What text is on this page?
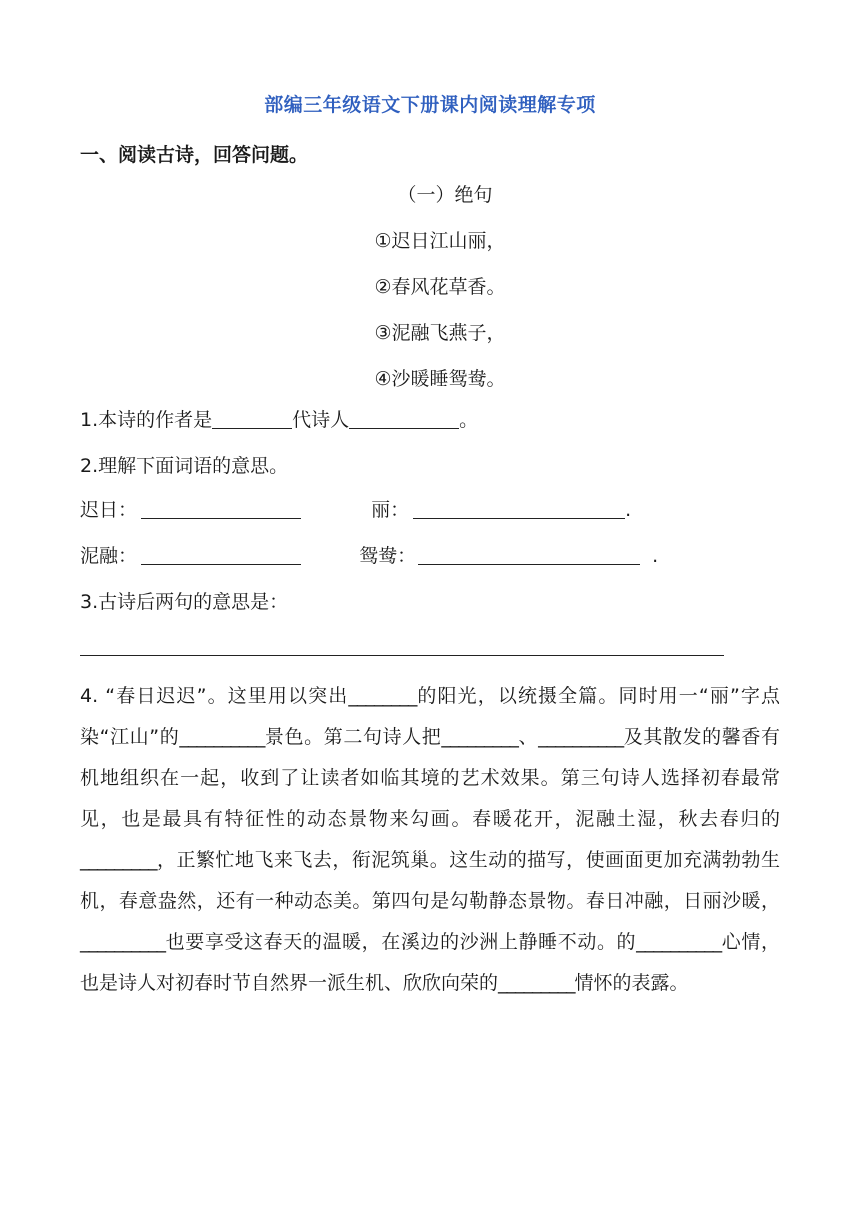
部编三年级语文下册课内阅读理解专项
一、阅读古诗，回答问题。
（一）绝句
①迟日江山丽，
②春风花草香。
③泥融飞燕子，
④沙暖睡鸳鸯。
1.本诗的作者是	代诗人	。
2.理解下面词语的意思。
迟日：	丽：	.
泥融：	鸳鸯：	.
3.古诗后两句的意思是：
4. “春日迟迟”。这里用以突出________的阳光，以统摄全篇。同时用一“丽”字点染“江山”的__________景色。第二句诗人把_________、__________及其散发的馨香有机地组织在一起，收到了让读者如临其境的艺术效果。第三句诗人选择初春最常见，也是最具有特征性的动态景物来勾画。春暖花开，泥融土湿，秋去春归的_________，正繁忙地飞来飞去，衔泥筑巢。这生动的描写，使画面更加充满勃勃生机，春意盎然，还有一种动态美。第四句是勾勒静态景物。春日冲融，日丽沙暖，__________也要享受这春天的温暖，在溪边的沙洲上静睡不动。的__________心情，也是诗人对初春时节自然界一派生机、欣欣向荣的_________情怀的表露。
